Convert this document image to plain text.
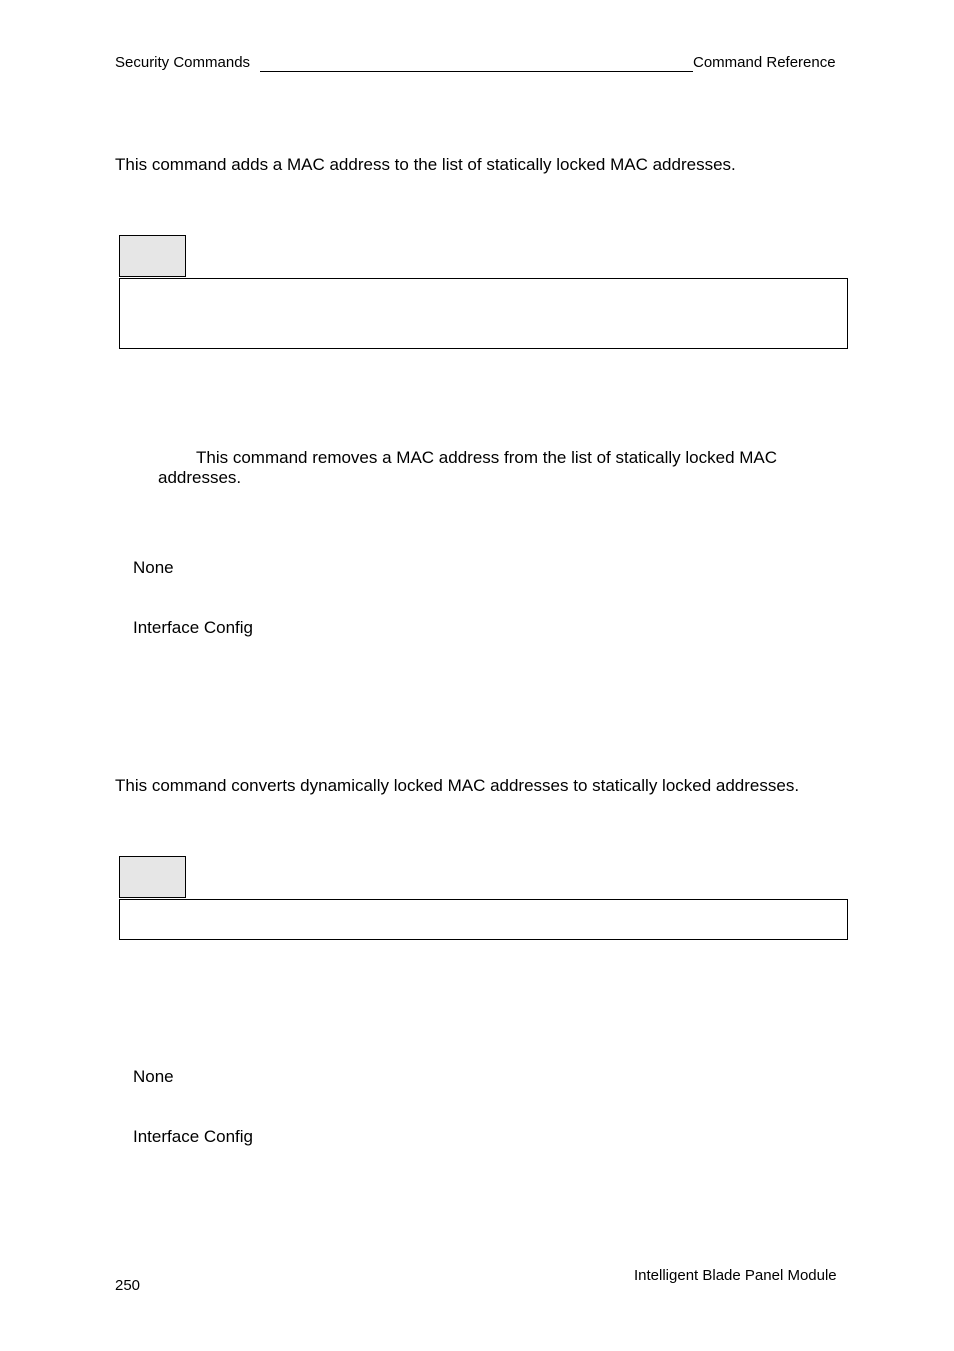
Security Commands	Command Reference
This command adds a MAC address to the list of statically locked MAC addresses.
This command removes a MAC address from the list of statically locked MAC
addresses.
None
Interface Config
This command converts dynamically locked MAC addresses to statically locked addresses.
None
Interface Config
250
Intelligent Blade Panel Module
